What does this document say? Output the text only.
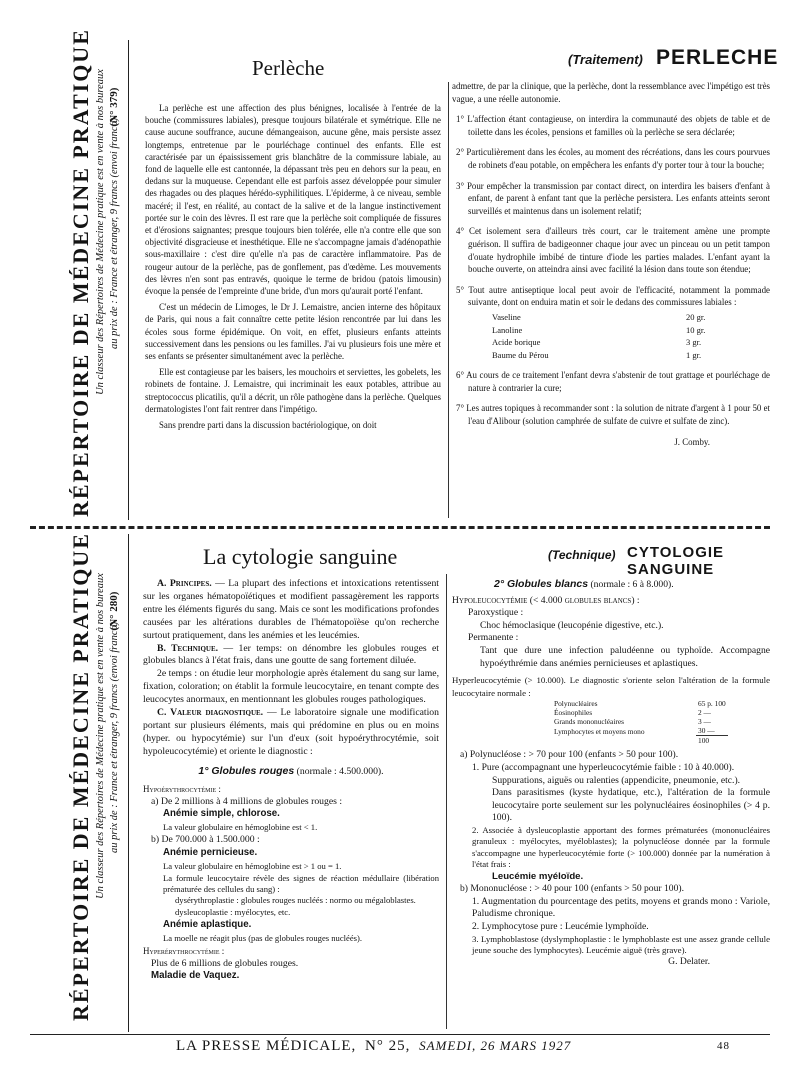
RÉPERTOIRE DE MÉDECINE PRATIQUE Un classeur des Répertoires de Médecine pratique est en vente à nos bureaux au prix de : France et étranger, 9 francs (envoi franco).
(N° 379)
Perlèche	(Traitement) PERLECHE

La perlèche est une affection des plus bénignes, localisée à l'entrée de la bouche (commissures labiales), presque toujours bilatérale et symétrique. Elle ne cause aucune souffrance, aucune démangeaison, aucune gêne, mais persiste assez longtemps, entretenue par le pourléchage continuel des enfants. Elle est caractérisée par un épaississement gris blanchâtre de la commissure labiale, au fond de laquelle elle est cantonnée, la dépassant très peu en dehors sur la peau, en dedans sur la muqueuse. Cependant elle est parfois assez développée pour simuler des rhagades ou des plaques hérédo-syphilitiques. L'épiderme, à ce niveau, semble macéré; il l'est, en réalité, au contact de la salive et de la langue instinctivement portée sur le coin des lèvres. Il est rare que la perlèche soit compliquée de fissures et d'érosions saignantes; presque toujours bien tolérée, elle n'a contre elle que son objectivité disgracieuse et inesthétique. Elle ne s'accompagne jamais d'adénopathie sous-maxillaire : c'est dire qu'elle n'a pas de caractère inflammatoire. Pas de rougeur autour de la perlèche, pas de gonflement, pas d'œdème. Les mouvements des lèvres n'en sont pas entravés, quoique le terme de bridou (patois limousin) évoque la pensée de l'empreinte d'une bride, d'un mors qu'aurait porté l'enfant.

C'est un médecin de Limoges, le Dr J. Lemaistre, ancien interne des hôpitaux de Paris, qui nous a fait connaître cette petite lésion rencontrée par lui dans les écoles sous forme épidémique. On voit, en effet, plusieurs enfants atteints successivement dans les pensions ou les familles. J'ai vu plusieurs fois une mère et ses enfants se présenter simultanément avec la perlèche.

Elle est contagieuse par les baisers, les mouchoirs et serviettes, les gobelets, les robinets de fontaine. J. Lemaistre, qui incriminait les eaux potables, attribue au streptococcus plicatilis, qu'il a décrit, un rôle pathogène dans la perlèche. Quelques dermatologistes l'ont fait rentrer dans l'impétigo.

Sans prendre parti dans la discussion bactériologique, on doit

admettre, de par la clinique, que la perlèche, dont la ressemblance avec l'impétigo est très vague, a une réelle autonomie.

1° L'affection étant contagieuse, on interdira la communauté des objets de table et de toilette dans les écoles, pensions et familles où la perlèche se sera déclarée;
2° Particulièrement dans les écoles, au moment des récréations, dans les cours pourvues de robinets d'eau potable, on empêchera les enfants d'y porter tour à tour la bouche;
3° Pour empêcher la transmission par contact direct, on interdira les baisers d'enfant à enfant, de parent à enfant tant que la perlèche persistera. Les enfants atteints seront surveillés et maintenus dans un isolement relatif;
4° Cet isolement sera d'ailleurs très court, car le traitement amène une prompte guérison. Il suffira de badigeonner chaque jour avec un pinceau ou un petit tampon d'ouate hydrophile imbibé de tinture d'iode les parties malades. L'enfant ayant la bouche ouverte, on atteindra ainsi avec facilité la lésion dans toute son étendue;
5° Tout autre antiseptique local peut avoir de l'efficacité, notamment la pommade suivante, dont on enduira matin et soir le dedans des commissures labiales :
Vaseline	20 gr.
Lanoline	10 gr.
Acide borique	3 gr.
Baume du Pérou	1 gr.
6° Au cours de ce traitement l'enfant devra s'abstenir de tout grattage et pourléchage de nature à contrarier la cure;
7° Les autres topiques à recommander sont : la solution de nitrate d'argent à 1 pour 50 et l'eau d'Alibour (solution camphrée de sulfate de cuivre et sulfate de zinc).
J. Comby.
RÉPERTOIRE DE MÉDECINE PRATIQUE Un classeur des Répertoires de Médecine pratique est en vente à nos bureaux au prix de : France et étranger, 9 francs (envoi franco).
(N° 280)
La cytologie sanguine	(Technique) CYTOLOGIE SANGUINE

A. Principes. — La plupart des infections et intoxications retentissent sur les organes hématopoïétiques et modifient passagèrement les rapports entre les éléments figurés du sang. Mais ce sont les modifications profondes causées par les altérations durables de l'hématopoïèse qu'on recherche surtout pratiquement, dans les anémies et les leucémies.

B. Technique. — 1er temps: on dénombre les globules rouges et globules blancs à l'état frais, dans une goutte de sang fortement diluée.

2e temps : on étudie leur morphologie après étalement du sang sur lame, fixation, coloration; on établit la formule leucocytaire, en tenant compte des leucocytes anormaux, en mentionnant les globules rouges pathologiques.

C. Valeur diagnostique. — Le laboratoire signale une modification portant sur plusieurs éléments, mais qui prédomine en plus ou en moins (hyper. ou hypocytémie) sur l'un d'eux (soit hypoérythrocytémie, soit hypoleucocytémie) et oriente le diagnostic :

1° Globules rouges (normale : 4.500.000).
Hypoérythrocytémie :
a) De 2 millions à 4 millions de globules rouges :
Anémie simple, chlorose.
La valeur globulaire en hémoglobine est < 1.
b) De 700.000 à 1.500.000 :
Anémie pernicieuse.
La valeur globulaire en hémoglobine est > 1 ou = 1.
La formule leucocytaire révèle des signes de réaction médullaire (libération prématurée des cellules du sang) :
dysérythroplastie : globules rouges nucléés : normo ou mégaloblastes.
dysleucoplastie : myélocytes, etc.
Anémie aplastique.
La moelle ne réagit plus (pas de globules rouges nucléés).
Hyperérythrocytémie :
Plus de 6 millions de globules rouges.
Maladie de Vaquez.
2° Globules blancs (normale : 6 à 8.000).
Hypoleucocytémie (< 4.000 globules blancs) :
Paroxystique :
Choc hémoclasique (leucopénie digestive, etc.).
Permanente :
Tant que dure une infection paludéenne ou typhoïde. Accompagne hypoéythrémie dans anémies pernicieuses et aplastiques.
Hyperleucocytémie (> 10.000). Le diagnostic s'oriente selon l'altération de la formule leucocytaire normale :
Polynucléaires	65 p. 100
Éosinophiles	2 —
Grands mononucléaires	3 —
Lymphocytes et moyens mono	30 —
	100
a) Polynucléose : > 70 pour 100 (enfants > 50 pour 100).
1. Pure (accompagnant une hyperleucocytémie faible : 10 à 40.000).
Suppurations, aiguës ou ralenties (appendicite, pneumonie, etc.).
Dans parasitismes (kyste hydatique, etc.), l'altération de la formule leucocytaire porte seulement sur les polynucléaires éosinophiles (> 4 p. 100).
2. Associée à dysleucoplastie apportant des formes prématurées (mononucléaires granuleux : myélocytes, myéloblastes); la polynucléose donnée par la formule s'accompagne une hyperleucocytémie forte (> 100.000) donnée par la numération à l'état frais :
Leucémie myéloïde.
b) Mononucléose : > 40 pour 100 (enfants > 50 pour 100).
1. Augmentation du pourcentage des petits, moyens et grands mono : Variole, Paludisme chronique.
2. Lymphocytose pure : Leucémie lymphoïde.
3. Lymphoblastose (dyslymphoplastie : le lymphoblaste est une assez grande cellule jeune souche des lymphocytes). Leucémie aiguë (très grave).
G. Delater.
LA PRESSE MÉDICALE, N° 25, SAMEDI, 26 MARS 1927	48
